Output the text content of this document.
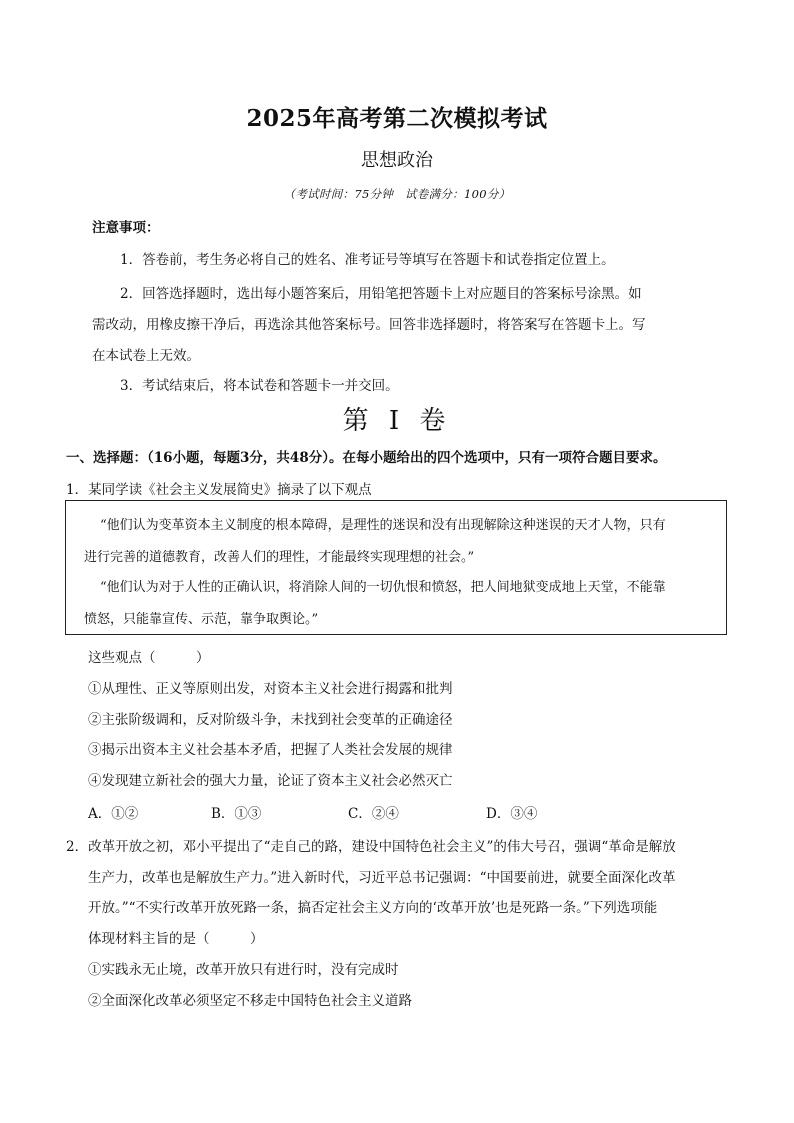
2025年高考第二次模拟考试
思想政治
（考试时间：75分钟　试卷满分：100分）
注意事项：
1．答卷前，考生务必将自己的姓名、准考证号等填写在答题卡和试卷指定位置上。
2．回答选择题时，选出每小题答案后，用铅笔把答题卡上对应题目的答案标号涂黑。如
需改动，用橡皮擦干净后，再选涂其他答案标号。回答非选择题时，将答案写在答题卡上。写
在本试卷上无效。
3．考试结束后，将本试卷和答题卡一并交回。
第 I 卷
一、选择题：（16小题，每题3分，共48分）。在每小题给出的四个选项中，只有一项符合题目要求。
1．某同学读《社会主义发展简史》摘录了以下观点
“他们认为变革资本主义制度的根本障碍，是理性的迷误和没有出现解除这种迷误的天才人物，只有
进行完善的道德教育，改善人们的理性，才能最终实现理想的社会。”
“他们认为对于人性的正确认识，将消除人间的一切仇恨和愤怒，把人间地狱变成地上天堂，不能靠
愤怒，只能靠宣传、示范，靠争取舆论。”
这些观点（　　　）
①从理性、正义等原则出发，对资本主义社会进行揭露和批判
②主张阶级调和，反对阶级斗争，未找到社会变革的正确途径
③揭示出资本主义社会基本矛盾，把握了人类社会发展的规律
④发现建立新社会的强大力量，论证了资本主义社会必然灭亡
A．①②	B．①③	C．②④	D．③④
2．改革开放之初，邓小平提出了“走自己的路，建设中国特色社会主义”的伟大号召，强调“革命是解放
生产力，改革也是解放生产力。”进入新时代，习近平总书记强调：“中国要前进，就要全面深化改革
开放。”“不实行改革开放死路一条，搞否定社会主义方向的‘改革开放’也是死路一条。”下列选项能
体现材料主旨的是（　　　）
①实践永无止境，改革开放只有进行时，没有完成时
②全面深化改革必须坚定不移走中国特色社会主义道路
